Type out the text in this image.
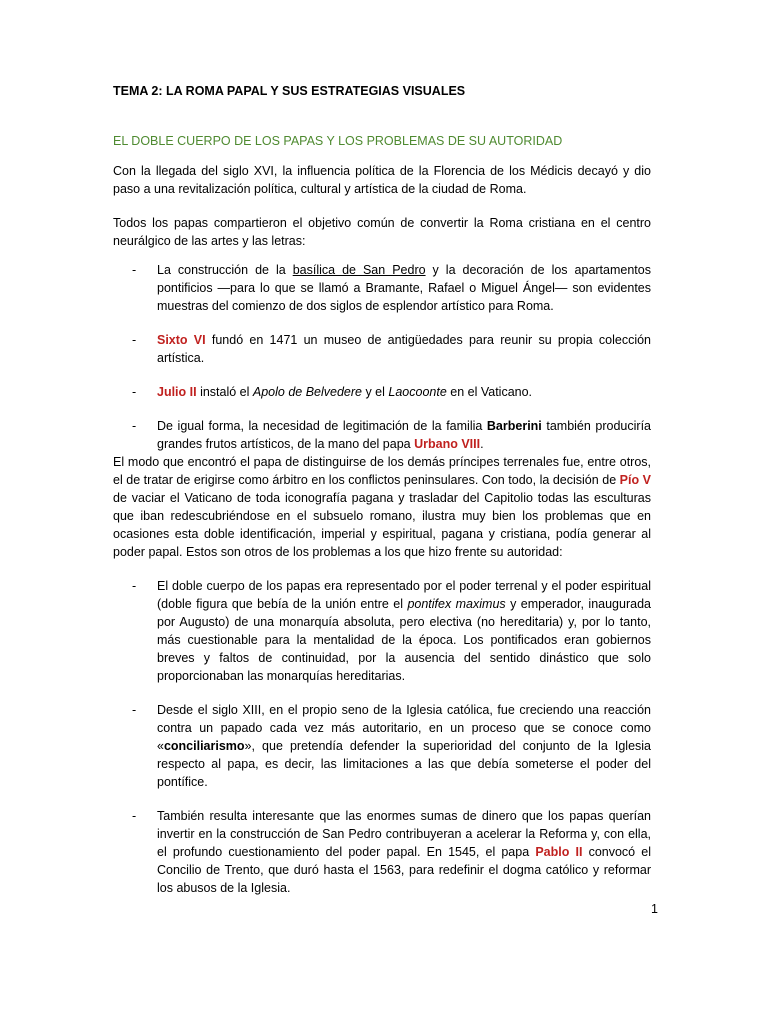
TEMA 2: LA ROMA PAPAL Y SUS ESTRATEGIAS VISUALES

EL DOBLE CUERPO DE LOS PAPAS Y LOS PROBLEMAS DE SU AUTORIDAD

Con la llegada del siglo XVI, la influencia política de la Florencia de los Médicis decayó y dio paso a una revitalización política, cultural y artística de la ciudad de Roma.

Todos los papas compartieron el objetivo común de convertir la Roma cristiana en el centro neurálgico de las artes y las letras:

- La construcción de la basílica de San Pedro y la decoración de los apartamentos pontificios —para lo que se llamó a Bramante, Rafael o Miguel Ángel— son evidentes muestras del comienzo de dos siglos de esplendor artístico para Roma.
- Sixto VI fundó en 1471 un museo de antigüedades para reunir su propia colección artística.
- Julio II instaló el Apolo de Belvedere y el Laocoonte en el Vaticano.
- De igual forma, la necesidad de legitimación de la familia Barberini también produciría grandes frutos artísticos, de la mano del papa Urbano VIII.

El modo que encontró el papa de distinguirse de los demás príncipes terrenales fue, entre otros, el de tratar de erigirse como árbitro en los conflictos peninsulares. Con todo, la decisión de Pío V de vaciar el Vaticano de toda iconografía pagana y trasladar del Capitolio todas las esculturas que iban redescubriéndose en el subsuelo romano, ilustra muy bien los problemas que en ocasiones esta doble identificación, imperial y espiritual, pagana y cristiana, podía generar al poder papal. Estos son otros de los problemas a los que hizo frente su autoridad:

- El doble cuerpo de los papas era representado por el poder terrenal y el poder espiritual (doble figura que bebía de la unión entre el pontifex maximus y emperador, inaugurada por Augusto) de una monarquía absoluta, pero electiva (no hereditaria) y, por lo tanto, más cuestionable para la mentalidad de la época. Los pontificados eran gobiernos breves y faltos de continuidad, por la ausencia del sentido dinástico que solo proporcionaban las monarquías hereditarias.
- Desde el siglo XIII, en el propio seno de la Iglesia católica, fue creciendo una reacción contra un papado cada vez más autoritario, en un proceso que se conoce como «conciliarismo», que pretendía defender la superioridad del conjunto de la Iglesia respecto al papa, es decir, las limitaciones a las que debía someterse el poder del pontífice.
- También resulta interesante que las enormes sumas de dinero que los papas querían invertir en la construcción de San Pedro contribuyeran a acelerar la Reforma y, con ella, el profundo cuestionamiento del poder papal. En 1545, el papa Pablo II convocó el Concilio de Trento, que duró hasta el 1563, para redefinir el dogma católico y reformar los abusos de la Iglesia.
1
